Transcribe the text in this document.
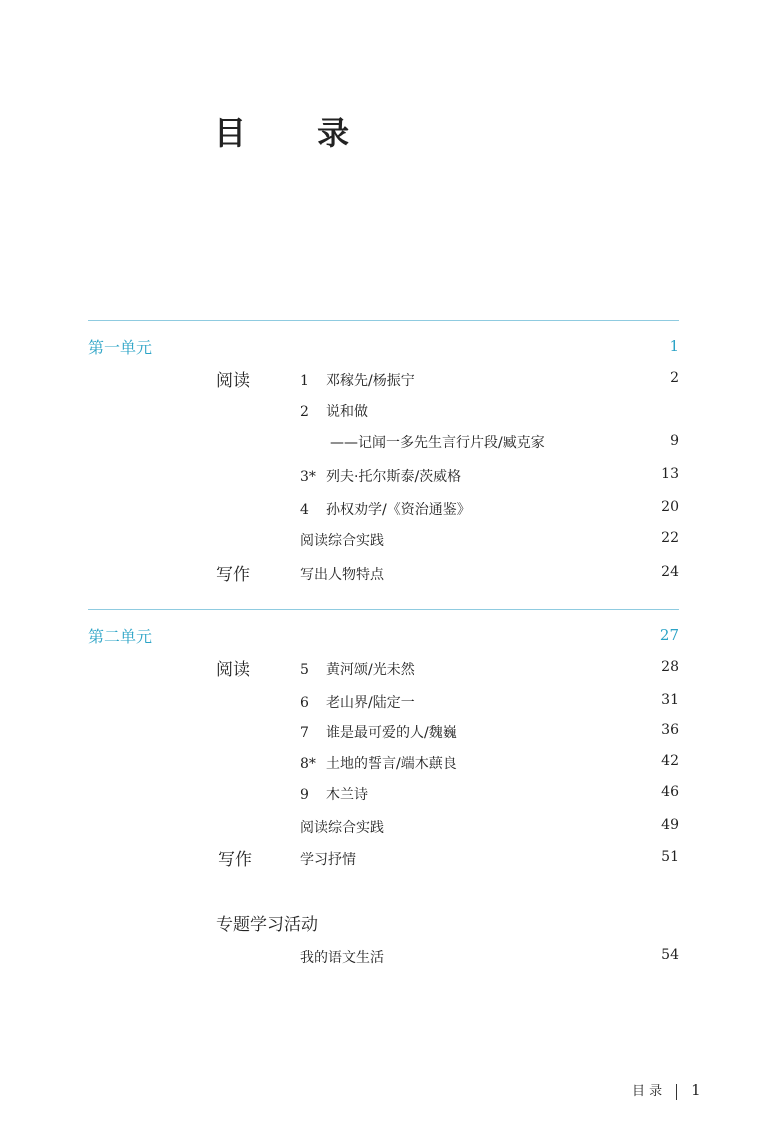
目 录
第一单元	1
阅读	1 邓稼先/杨振宁	2
2 说和做
——记闻一多先生言行片段/臧克家	9
3* 列夫·托尔斯泰/茨威格	13
4 孙权劝学/《资治通鉴》	20
阅读综合实践	22
写作	写出人物特点	24
第二单元	27
阅读	5 黄河颂/光未然	28
6 老山界/陆定一	31
7 谁是最可爱的人/魏巍	36
8* 土地的誓言/端木蕻良	42
9 木兰诗	46
阅读综合实践	49
写作	学习抒情	51
专题学习活动
我的语文生活	54
目 录 1
